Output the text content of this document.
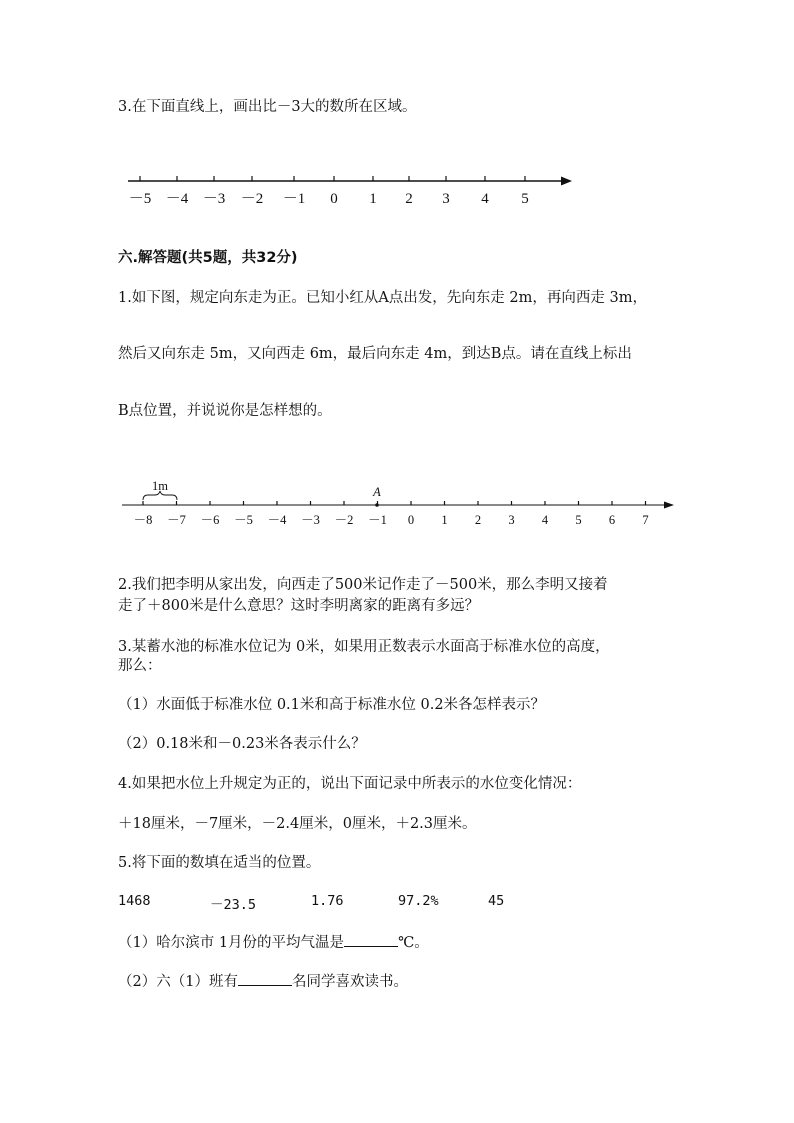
3.在下面直线上，画出比－3大的数所在区域。
－5 －4 －3 －2 －1 0 1 2 3 4 5
六.解答题(共5题，共32分)
1.如下图，规定向东走为正。已知小红从A点出发，先向东走 2m，再向西走 3m，
然后又向东走 5m，又向西走 6m，最后向东走 4m，到达B点。请在直线上标出
B点位置，并说说你是怎样想的。
1m	A
－8 －7 －6 －5 －4 －3 －2 －1 0 1 2 3 4 5 6 7
2.我们把李明从家出发，向西走了500米记作走了－500米，那么李明又接着
走了＋800米是什么意思？这时李明离家的距离有多远？
3.某蓄水池的标准水位记为 0米，如果用正数表示水面高于标准水位的高度，
那么：
（1）水面低于标准水位 0.1米和高于标准水位 0.2米各怎样表示？
（2）0.18米和－0.23米各表示什么？
4.如果把水位上升规定为正的，说出下面记录中所表示的水位变化情况：
＋18厘米，－7厘米，－2.4厘米，0厘米，＋2.3厘米。
5.将下面的数填在适当的位置。
1468	－23.5	1.76	97.2%	45
（1）哈尔滨市 1月份的平均气温是	℃。
（2）六（1）班有	名同学喜欢读书。
